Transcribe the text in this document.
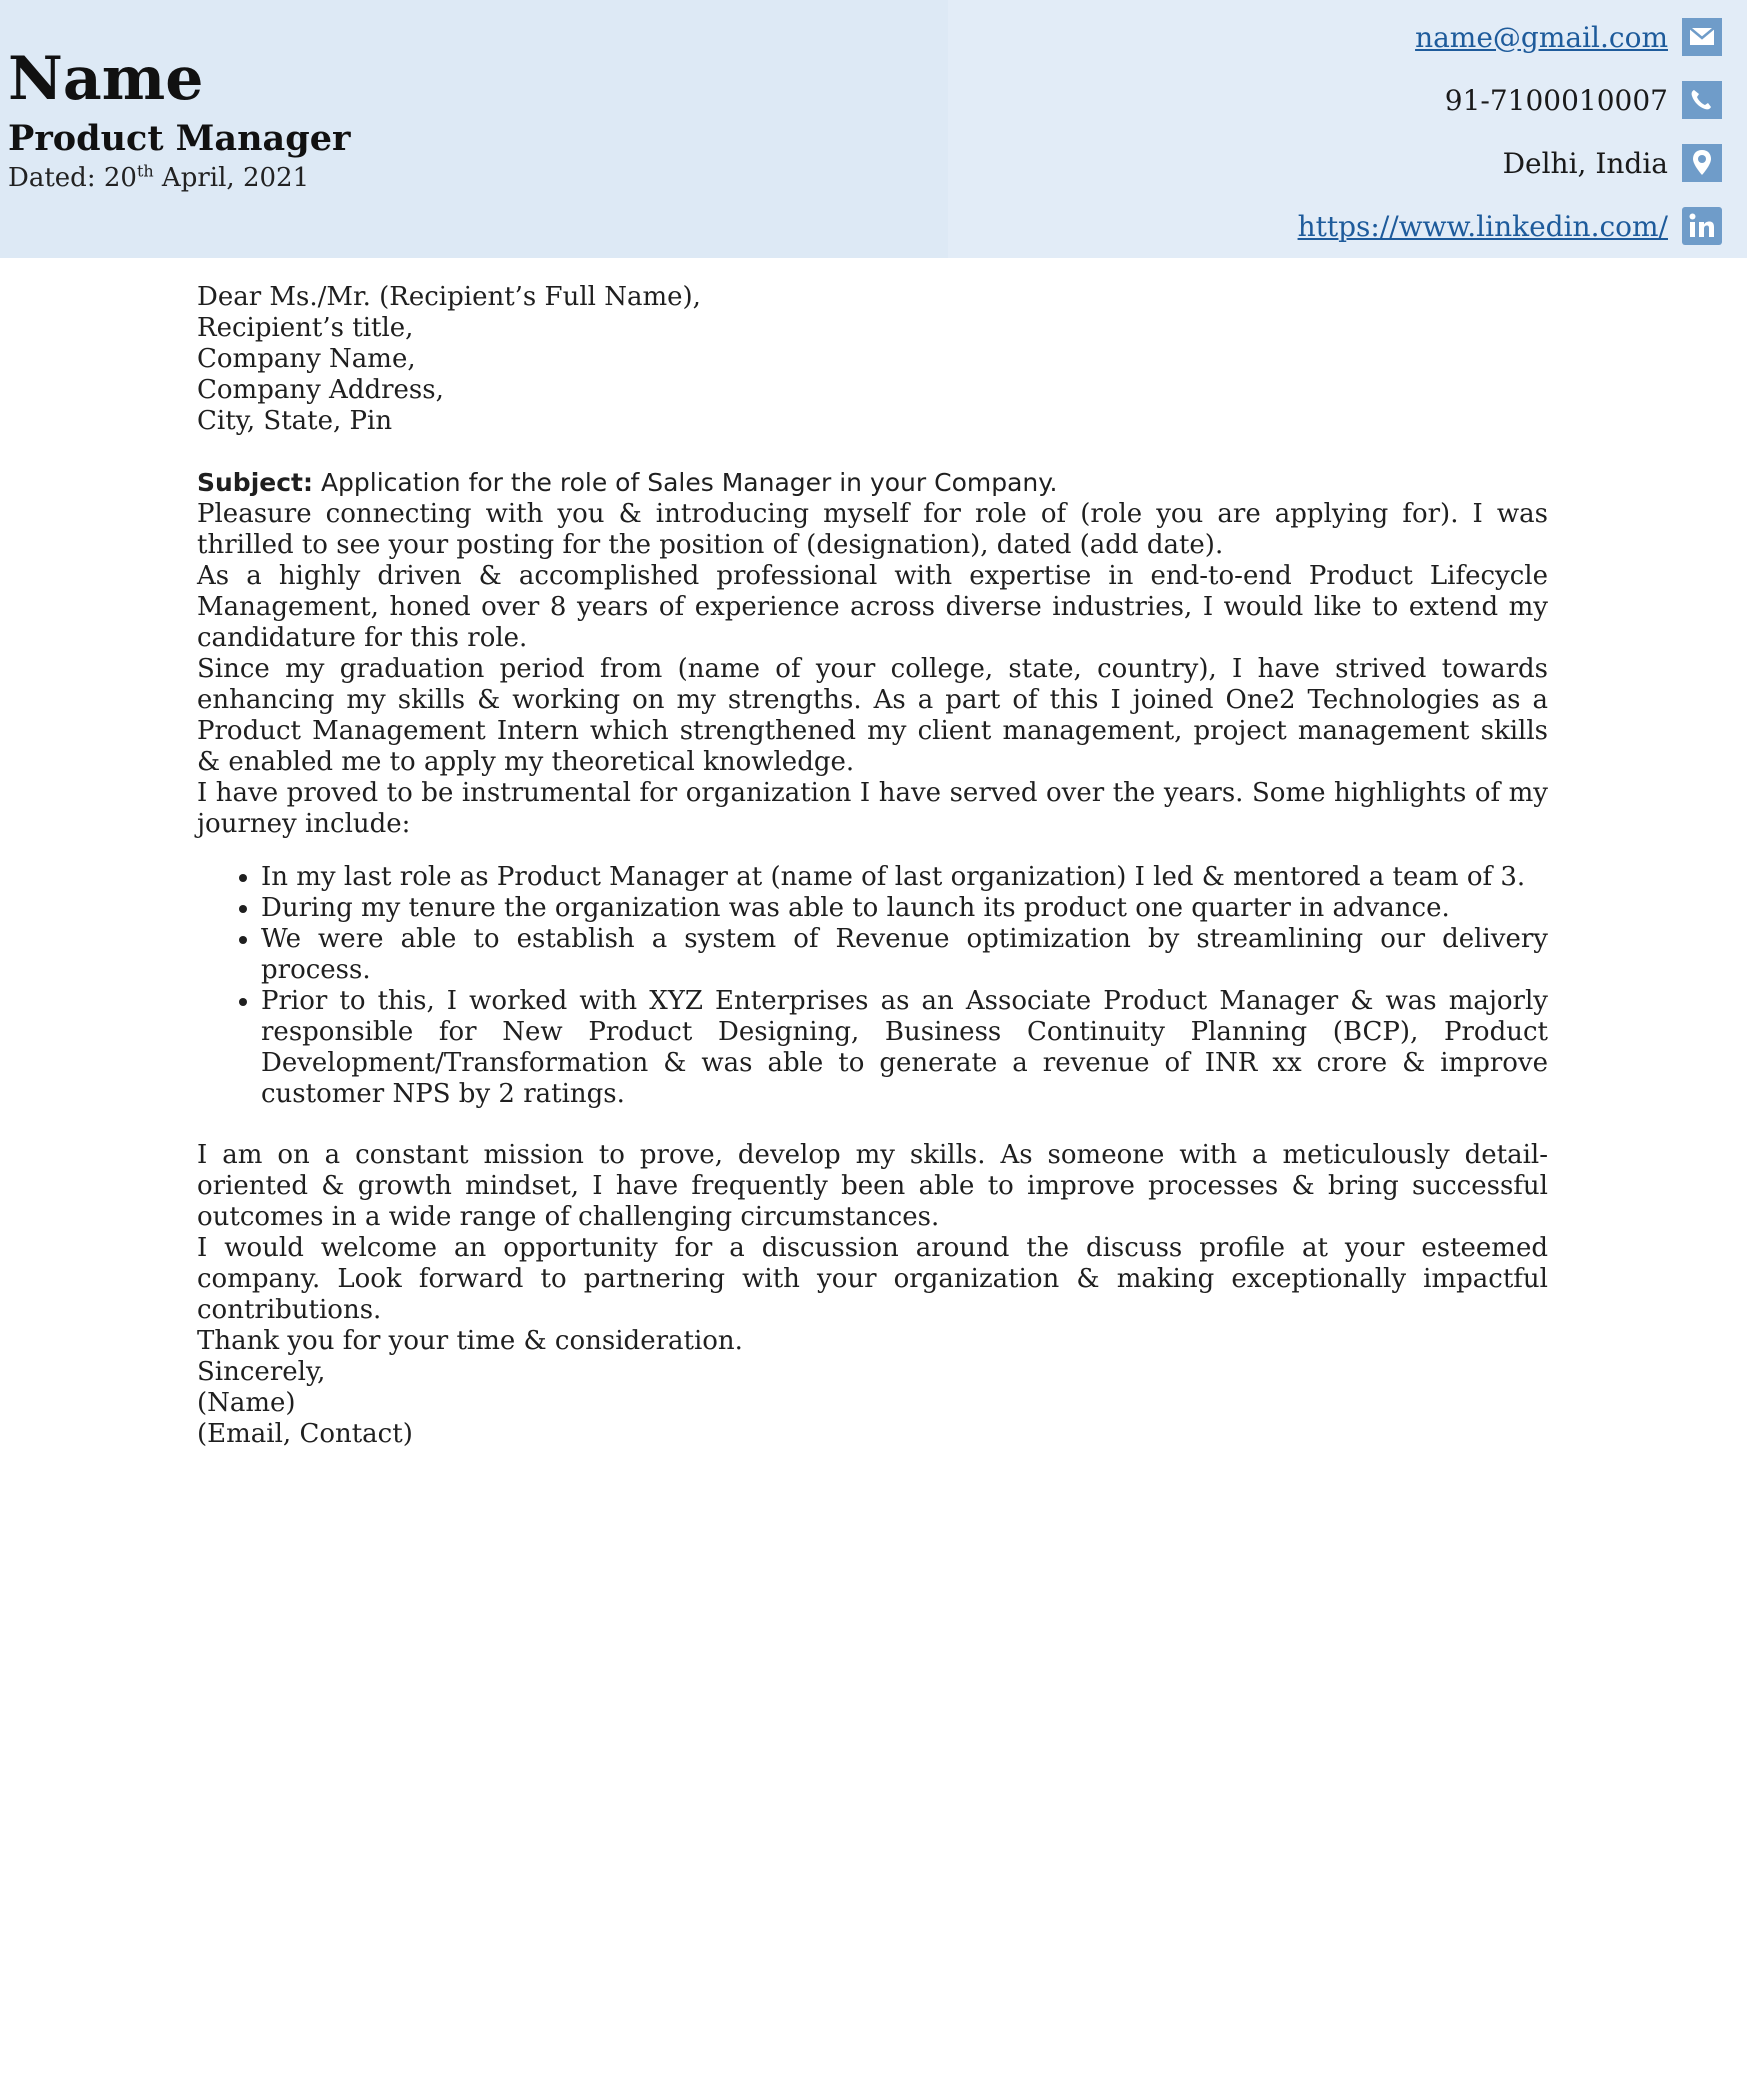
Name
Product Manager
Dated: 20th April, 2021
name@gmail.com
91-7100010007
Delhi, India
https://www.linkedin.com/

Dear Ms./Mr. (Recipient’s Full Name),

Recipient’s title,

Company Name,

Company Address,

City, State, Pin

Subject: Application for the role of Sales Manager in your Company.

Pleasure connecting with you & introducing myself for role of (role you are applying for). I was thrilled to see your posting for the position of (designation), dated (add date).

As a highly driven & accomplished professional with expertise in end-to-end Product Lifecycle Management, honed over 8 years of experience across diverse industries, I would like to extend my candidature for this role.

Since my graduation period from (name of your college, state, country), I have strived towards enhancing my skills & working on my strengths. As a part of this I joined One2 Technologies as a Product Management Intern which strengthened my client management, project management skills & enabled me to apply my theoretical knowledge.

I have proved to be instrumental for organization I have served over the years. Some highlights of my journey include:

• In my last role as Product Manager at (name of last organization) I led & mentored a team of 3.
• During my tenure the organization was able to launch its product one quarter in advance.
• We were able to establish a system of Revenue optimization by streamlining our delivery process.
• Prior to this, I worked with XYZ Enterprises as an Associate Product Manager & was majorly responsible for New Product Designing, Business Continuity Planning (BCP), Product Development/Transformation & was able to generate a revenue of INR xx crore & improve customer NPS by 2 ratings.

I am on a constant mission to prove, develop my skills. As someone with a meticulously detail-oriented & growth mindset, I have frequently been able to improve processes & bring successful outcomes in a wide range of challenging circumstances.

I would welcome an opportunity for a discussion around the discuss profile at your esteemed company. Look forward to partnering with your organization & making exceptionally impactful contributions.

Thank you for your time & consideration.

Sincerely,

(Name)

(Email, Contact)
